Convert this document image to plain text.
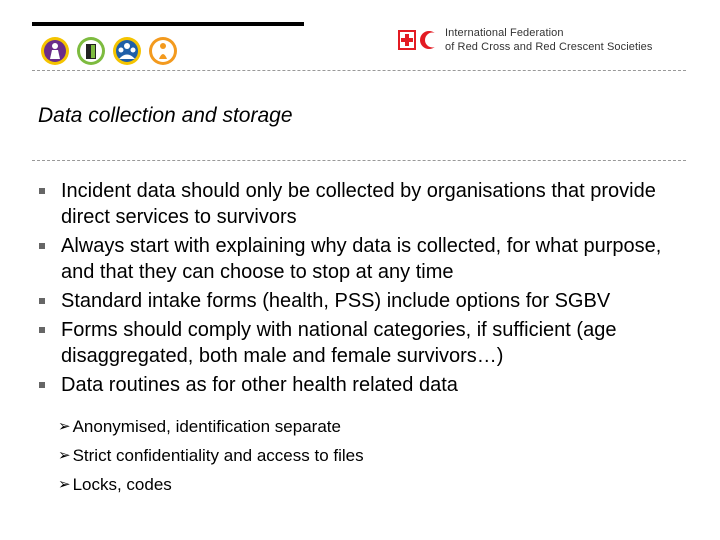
International Federation
of Red Cross and Red Crescent Societies
Data collection and storage
Incident data should only be collected by organisations that provide direct services to survivors
Always start with explaining why data is collected, for what purpose, and that they can choose to stop at any time
Standard intake forms (health, PSS) include options for SGBV
Forms should comply with national categories, if sufficient (age disaggregated, both male and female survivors…)
Data routines as for other health related data
➢ Anonymised, identification separate
➢ Strict confidentiality and access to files
➢ Locks, codes
